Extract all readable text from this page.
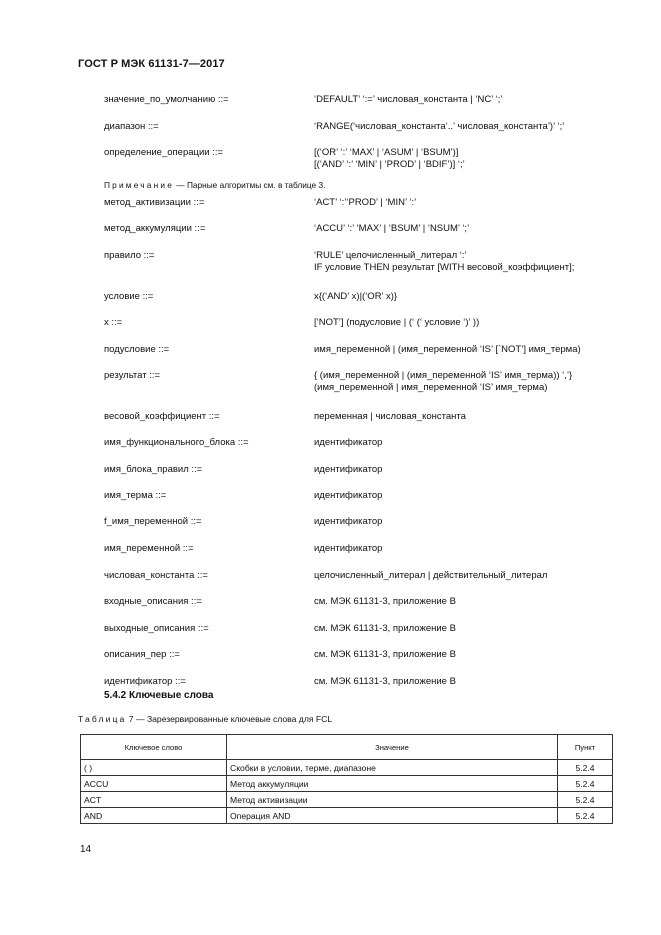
ГОСТ Р МЭК 61131-7—2017
значение_по_умолчанию ::=	‘DEFAULT’ ‘:=’ числовая_константа | ‘NC’ ‘;’
диапазон ::=	‘RANGE(‘числовая_константа‘..’ числовая_константа’)’ ‘;’
определение_операции ::=	[(‘OR’ ‘:’ ‘MAX’ | ‘ASUM’ | ‘BSUM’)]
[(‘AND’ ‘:’ ‘MIN’ | ‘PROD’ | ‘BDIF’)] ‘;’
метод_активизации ::=	‘ACT’ ‘:’‘PROD’ | ‘MIN’ ‘:’
метод_аккумуляции ::=	‘ACCU’ ‘:’ ‘MAX’ | ‘BSUM’ | ‘NSUM’ ‘;’
правило ::=	‘RULE’ целочисленный_литерал ‘:’
IF условие THEN результат [WITH весовой_коэффициент];
условие ::=	x{(‘AND’ x)|(‘OR’ x)}
x ::=	[‘NOT’] (подусловие | (‘ (‘ условие ‘)’ ))
подусловие ::=	имя_переменной | (имя_переменной ‘IS’ [`NOT’] имя_терма)
результат ::=	{ (имя_переменной | (имя_переменной ‘IS’ имя_терма)) ‘,’}
(имя_переменной | имя_переменной ‘IS’ имя_терма)
весовой_коэффициент ::=	переменная | числовая_константа
имя_функционального_блока ::=	идентификатор
имя_блока_правил ::=	идентификатор
имя_терма ::=	идентификатор
f_имя_переменной ::=	идентификатор
имя_переменной ::=	идентификатор
числовая_константа ::=	целочисленный_литерал | действительный_литерал
входные_описания ::=	см. МЭК 61131-3, приложение B
выходные_описания ::=	см. МЭК 61131-3, приложение B
описания_пер ::=	см. МЭК 61131-3, приложение B
идентификатор ::=	см. МЭК 61131-3, приложение B
Примечание — Парные алгоритмы см. в таблице 3.
5.4.2 Ключевые слова
Таблица 7 — Зарезервированные ключевые слова для FCL
Ключевое слово	Значение	Пункт
( )	Скобки в условии, терме, диапазоне	5.2.4
ACCU	Метод аккумуляции	5.2.4
ACT	Метод активизации	5.2.4
AND	Операция AND	5.2.4
14
